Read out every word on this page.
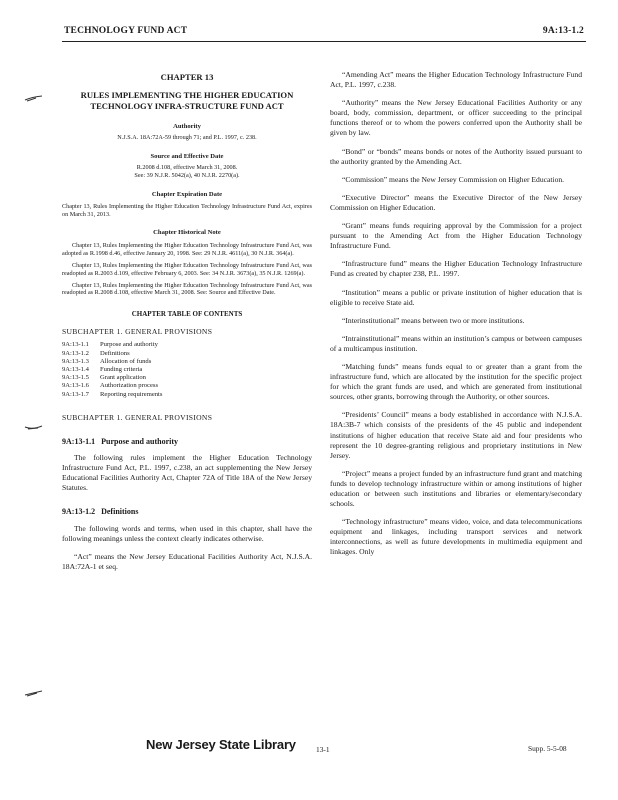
TECHNOLOGY FUND ACT	9A:13-1.2
CHAPTER 13
RULES IMPLEMENTING THE HIGHER EDUCATION TECHNOLOGY INFRA-STRUCTURE FUND ACT
Authority

N.J.S.A. 18A:72A-59 through 71; and P.L. 1997, c. 238.

Source and Effective Date

R.2008 d.108, effective March 31, 2008.

See: 39 N.J.R. 5042(a), 40 N.J.R. 2270(a).

Chapter Expiration Date

Chapter 13, Rules Implementing the Higher Education Technology Infrastructure Fund Act, expires on March 31, 2013.

Chapter Historical Note

Chapter 13, Rules Implementing the Higher Education Technology Infrastructure Fund Act, was adopted as R.1998 d.46, effective January 20, 1998. See: 29 N.J.R. 4611(a), 30 N.J.R. 364(a).

Chapter 13, Rules Implementing the Higher Education Technology Infrastructure Fund Act, was readopted as R.2003 d.109, effective February 6, 2003. See: 34 N.J.R. 3673(a), 35 N.J.R. 1269(a).

Chapter 13, Rules Implementing the Higher Education Technology Infrastructure Fund Act, was readopted as R.2008 d.108, effective March 31, 2008. See: Source and Effective Date.

CHAPTER TABLE OF CONTENTS
SUBCHAPTER 1. GENERAL PROVISIONS
9A:13-1.1	Purpose and authority
9A:13-1.2	Definitions
9A:13-1.3	Allocation of funds
9A:13-1.4	Funding criteria
9A:13-1.5	Grant application
9A:13-1.6	Authorization process
9A:13-1.7	Reporting requirements
SUBCHAPTER 1. GENERAL PROVISIONS
9A:13-1.1   Purpose and authority

The following rules implement the Higher Education Technology Infrastructure Fund Act, P.L. 1997, c.238, an act supplementing the New Jersey Educational Facilities Authority Act, Chapter 72A of Title 18A of the New Jersey Statutes.

9A:13-1.2   Definitions

The following words and terms, when used in this chapter, shall have the following meanings unless the context clearly indicates otherwise.

“Act” means the New Jersey Educational Facilities Authority Act, N.J.S.A. 18A:72A-1 et seq.

“Amending Act” means the Higher Education Technology Infrastructure Fund Act, P.L. 1997, c.238.

“Authority” means the New Jersey Educational Facilities Authority or any board, body, commission, department, or officer succeeding to the principal functions thereof or to whom the powers conferred upon the Authority shall be given by law.

“Bond” or “bonds” means bonds or notes of the Authority issued pursuant to the authority granted by the Amending Act.

“Commission” means the New Jersey Commission on Higher Education.

“Executive Director” means the Executive Director of the New Jersey Commission on Higher Education.

“Grant” means funds requiring approval by the Commission for a project pursuant to the Amending Act from the Higher Education Technology Infrastructure Fund.

“Infrastructure fund” means the Higher Education Technology Infrastructure Fund as created by chapter 238, P.L. 1997.

“Institution” means a public or private institution of higher education that is eligible to receive State aid.

“Interinstitutional” means between two or more institutions.

“Intrainstitutional” means within an institution’s campus or between campuses of a multicampus institution.

“Matching funds” means funds equal to or greater than a grant from the infrastructure fund, which are allocated by the institution for the specific project for which the grant funds are used, and which are generated from institutional sources, other grants, borrowing through the Authority, or other sources.

“Presidents’ Council” means a body established in accordance with N.J.S.A. 18A:3B-7 which consists of the presidents of the 45 public and independent institutions of higher education that receive State aid and four presidents who represent the 10 degree-granting religious and proprietary institutions in New Jersey.

“Project” means a project funded by an infrastructure fund grant and matching funds to develop technology infrastructure within or among institutions of higher education or between such institutions and libraries or elementary/secondary schools.

“Technology infrastructure” means video, voice, and data telecommunications equipment and linkages, including transport services and network interconnections, as well as future developments in multimedia equipment and linkages. Only

New Jersey State Library	13-1	Supp. 5-5-08
